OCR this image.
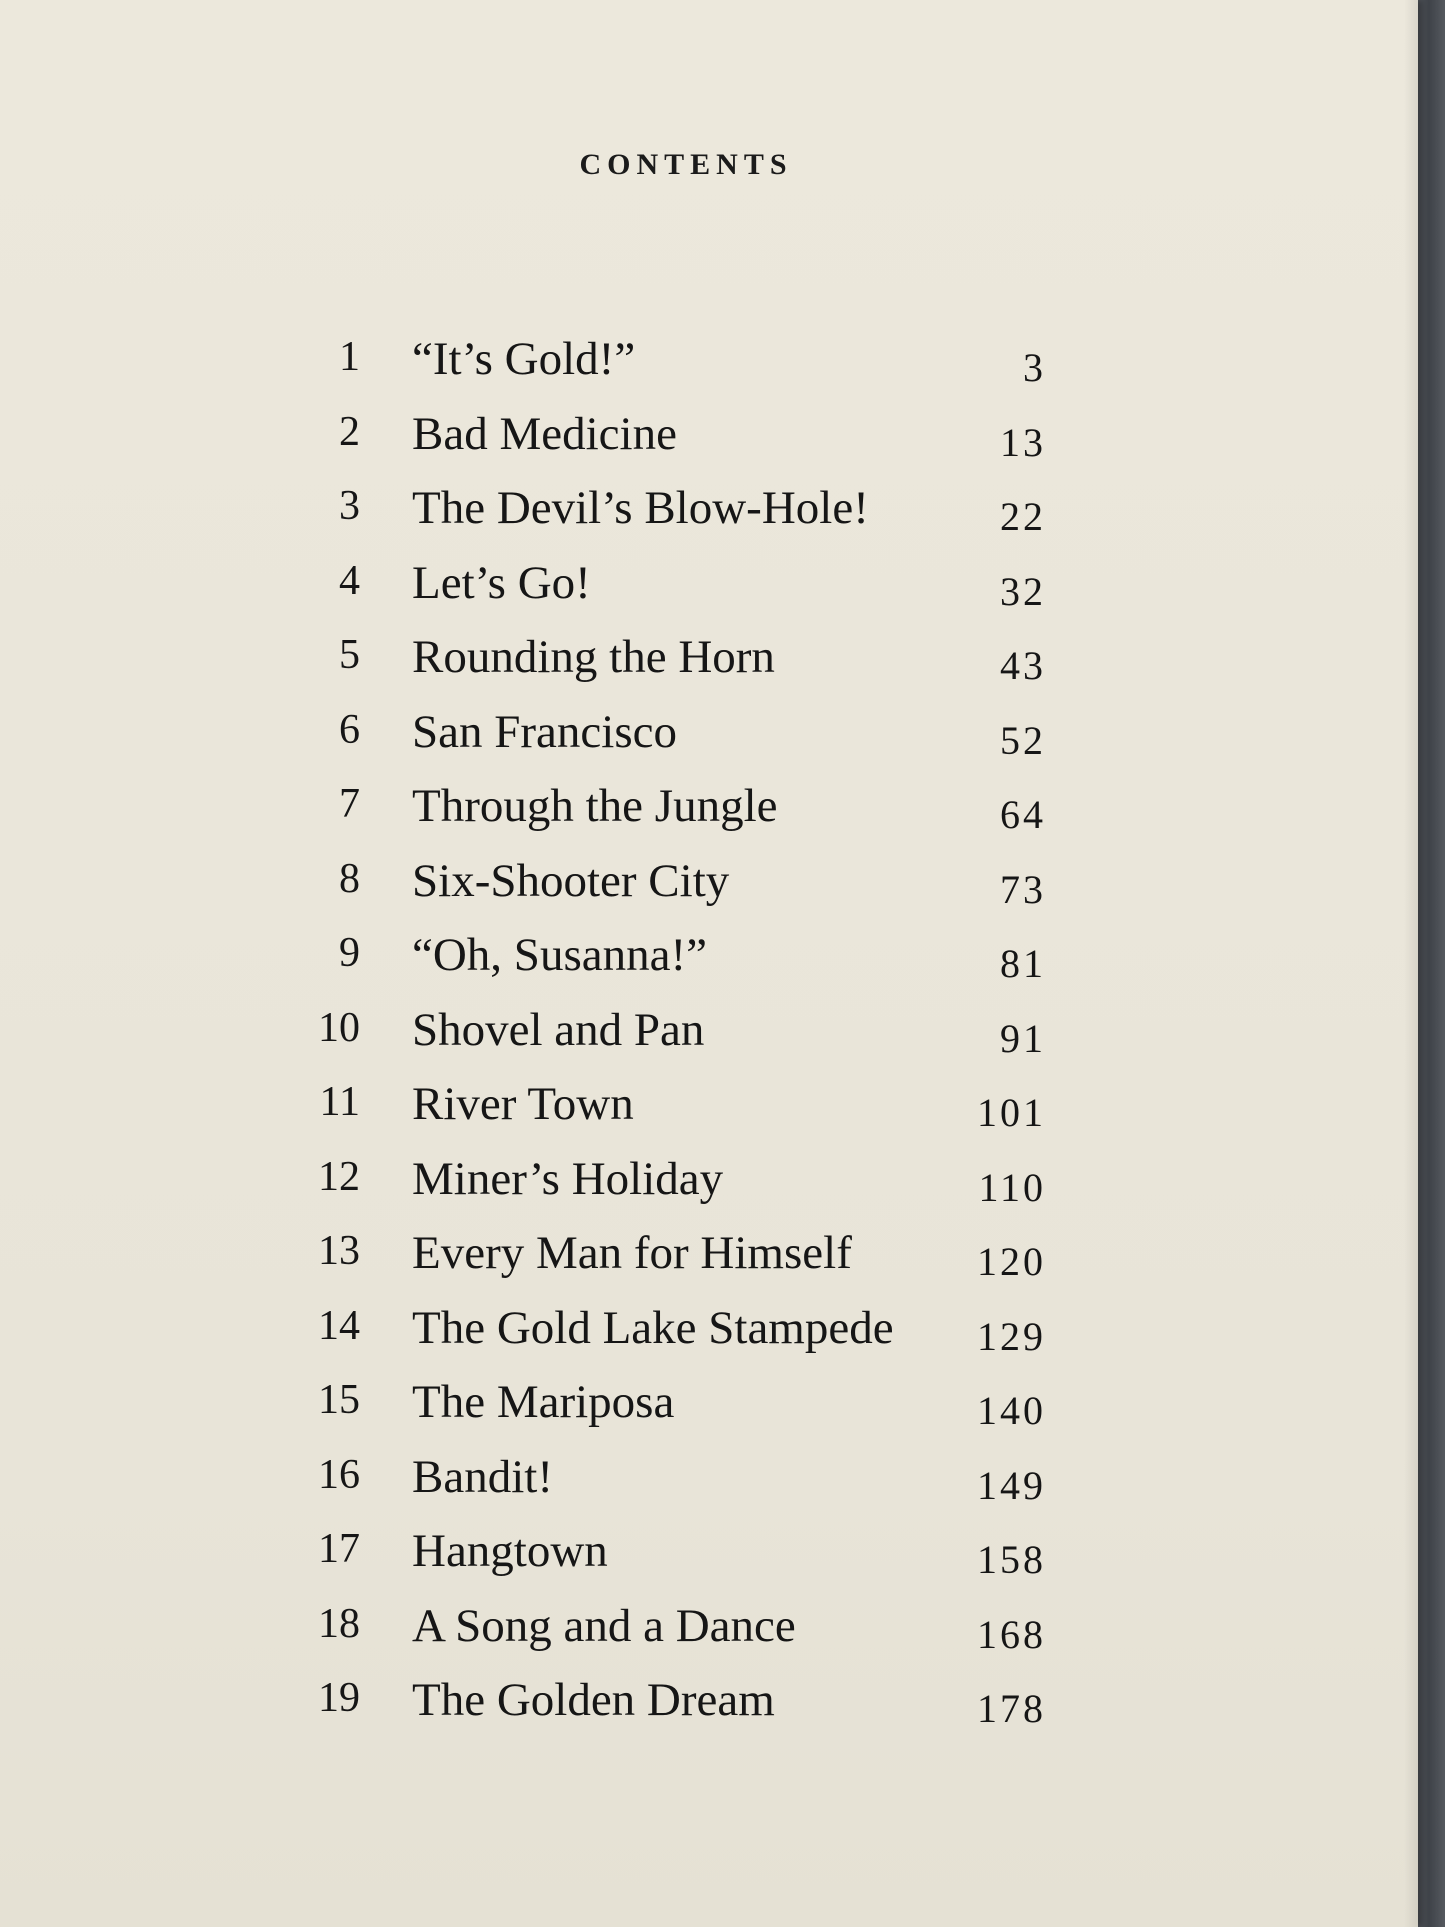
CONTENTS
1 “It’s Gold!”	3
2 Bad Medicine	13
3 The Devil’s Blow-Hole!	22
4 Let’s Go!	32
5 Rounding the Horn	43
6 San Francisco	52
7 Through the Jungle	64
8 Six-Shooter City	73
9 “Oh, Susanna!”	81
10 Shovel and Pan	91
11 River Town	101
12 Miner’s Holiday	110
13 Every Man for Himself	120
14 The Gold Lake Stampede 129
15 The Mariposa	140
16 Bandit!	149
17 Hangtown	158
18 A Song and a Dance	168
19 The Golden Dream	178
